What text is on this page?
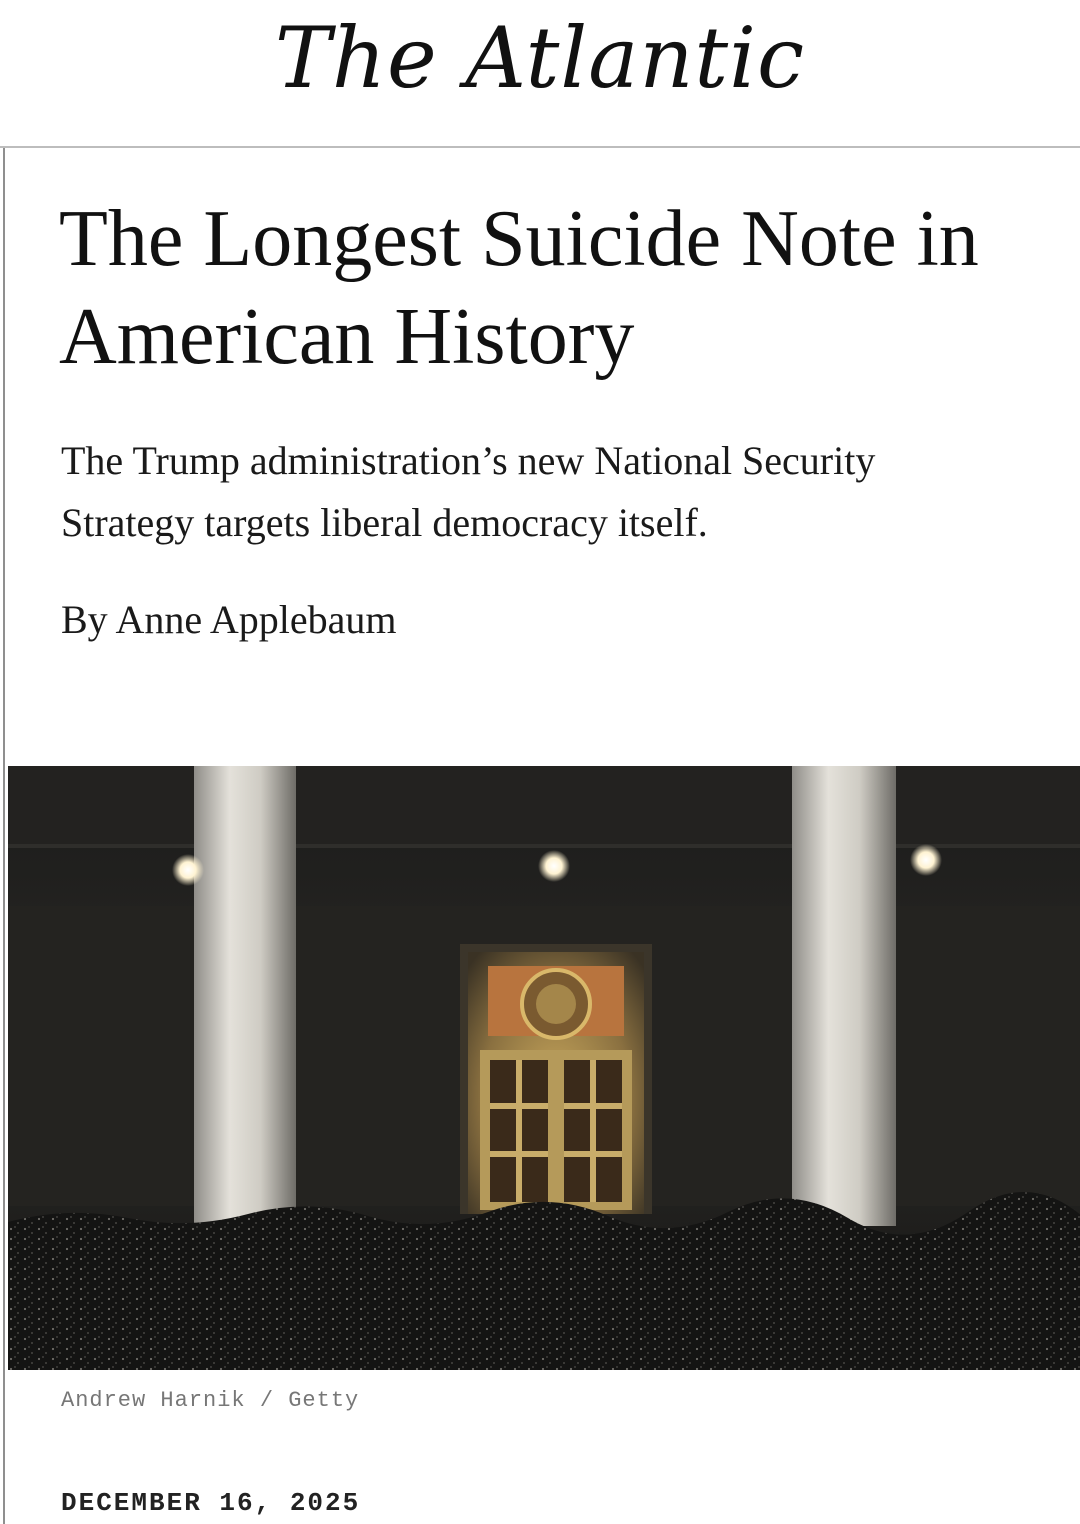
The Atlantic
The Longest Suicide Note in American History

The Trump administration’s new National Security Strategy targets liberal democracy itself.

By Anne Applebaum

Andrew Harnik / Getty

DECEMBER 16, 2025
